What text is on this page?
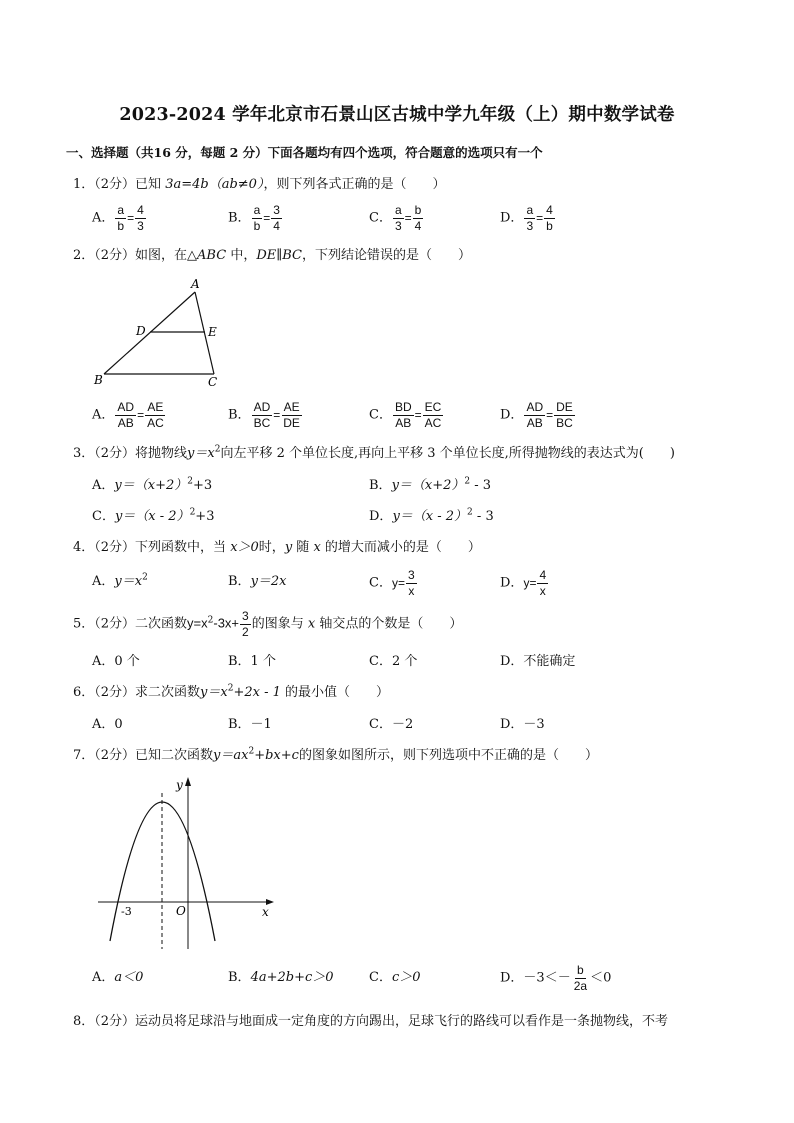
2023-2024 学年北京市石景山区古城中学九年级（上）期中数学试卷
一、选择题（共16 分，每题 2 分）下面各题均有四个选项，符合题意的选项只有一个
1．（2分）已知 3a=4b（ab≠0），则下列各式正确的是（　　）
A． $\frac{a}{b} = \frac{4}{3}$	B． $\frac{a}{b} = \frac{3}{4}$	C． $\frac{a}{3} = \frac{b}{4}$	D． $\frac{a}{3} = \frac{4}{b}$
2．（2分）如图，在△ABC 中，DE∥BC，下列结论错误的是（　　）
A
B	C
D	E
A． $\frac{AD}{AB} = \frac{AE}{AC}$	B． $\frac{AD}{BC} = \frac{AE}{DE}$	C． $\frac{BD}{AB} = \frac{EC}{AC}$	D． $\frac{AD}{AB} = \frac{DE}{BC}$
3．（2分）将抛物线$y=x^2$向左平移 2 个单位长度,再向上平移 3 个单位长度,所得抛物线的表达式为(　　)
A．$y=(x+2)^2+3$	B．$y=(x+2)^2 - 3$
C．y＝（x - 2）$^2$+3	D．y＝（x - 2）$^2$ - 3
4．（2分）下列函数中，当 x＞0时，y 随 x 的增大而减小的是（　　）
A．$y=x^2$	B．y＝2x	C．$y= \frac{3}{x}$	D．$y= \frac{4}{x}$
5．（2分）二次函数$y=x^2-3x+ \frac{3}{2}$ 的图象与 x 轴交点的个数是（　　）
A．0 个	B．1 个	C．2 个	D．不能确定
6．（2分）求二次函数$y=x^2+2x - 1$ 的最小值（　　）
A．0	B．－1	C．－2	D．－3
7．（2分）已知二次函数$y=ax^2+bx+c$的图象如图所示，则下列选项中不正确的是（　　）
y
x
O
-3
A．a＜0	B．4a+2b+c＞0	C．c＞0	D．$-3<- \frac{b}{2a} <0$
8．（2分）运动员将足球沿与地面成一定角度的方向踢出，足球飞行的路线可以看作是一条抛物线，不考
